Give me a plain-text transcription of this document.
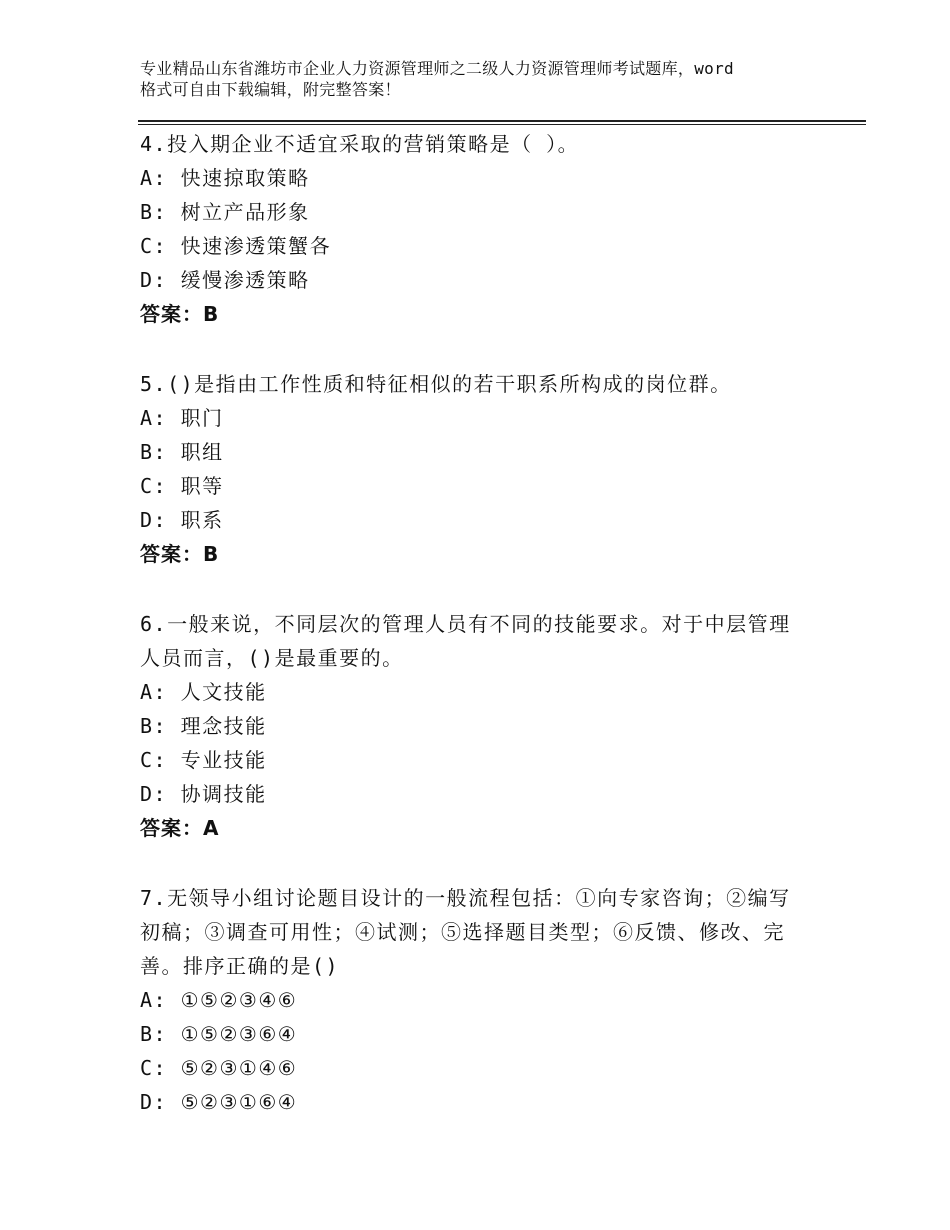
专业精品山东省潍坊市企业人力资源管理师之二级人力资源管理师考试题库，word
格式可自由下载编辑，附完整答案！
4.投入期企业不适宜采取的营销策略是（ ）。
A: 快速掠取策略
B: 树立产品形象
C: 快速渗透策蟹各
D: 缓慢渗透策略
答案：B
5.()是指由工作性质和特征相似的若干职系所构成的岗位群。
A: 职门
B: 职组
C: 职等
D: 职系
答案：B
6.一般来说，不同层次的管理人员有不同的技能要求。对于中层管理
人员而言，()是最重要的。
A: 人文技能
B: 理念技能
C: 专业技能
D: 协调技能
答案：A
7.无领导小组讨论题目设计的一般流程包括：①向专家咨询；②编写
初稿；③调查可用性；④试测；⑤选择题目类型；⑥反馈、修改、完
善。排序正确的是()
A: ①⑤②③④⑥
B: ①⑤②③⑥④
C: ⑤②③①④⑥
D: ⑤②③①⑥④
